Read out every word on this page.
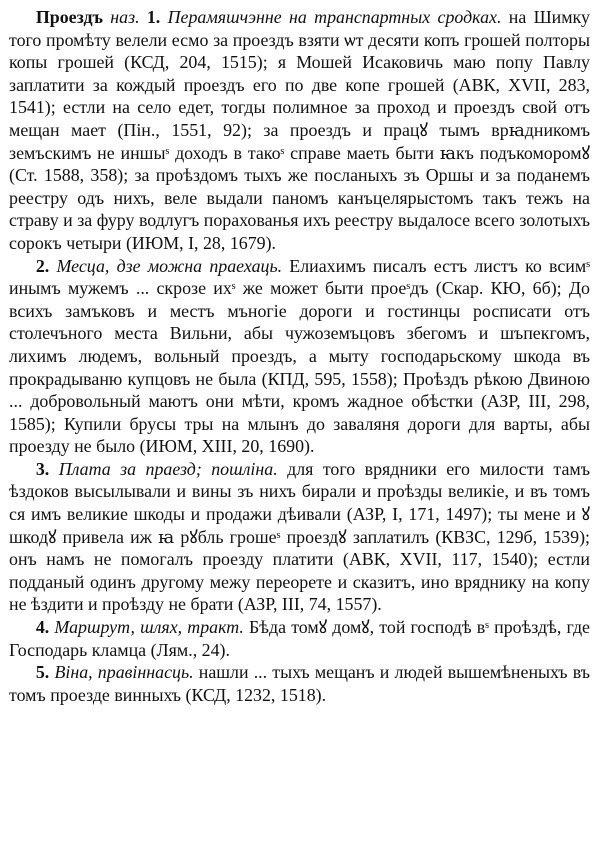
Проездъ наз. 1. Перамяшчэнне на транспартных сродках. на Шимку того промѣту велели есмо за проездъ взяти ѡт десяти копъ грошей полторы копы грошей (КСД, 204, 1515); я Мошей Исаковичь маю попу Павлу заплатити за кождый проездъ его по две копе грошей (АВК, XVII, 283, 1541); естли на село едет, тогды полимное за проход и проездъ свой отъ мещан мает (Пін., 1551, 92); за проездъ и працꙋ тымъ врꙗдникомъ земъскимъ не иншыˢ доходъ в такоˢ справе маеть быти ꙗкъ подъкоморомꙋ (Ст. 1588, 358); за проѣздомъ тыхъ же посланыхъ зъ Оршы и за поданемъ реестру одъ нихъ, веле выдали паномъ канъцелярыстомъ такъ тежъ на страву и за фуру водлугъ порахованья ихъ реестру выдалосе всего золотыхъ сорокъ четыри (ИЮМ, I, 28, 1679).

2. Месца, дзе можна праехаць. Елиахимъ писалъ естъ листъ ко всимˢ инымъ мужемъ ... скрозе ихˢ же может быти проеˢдъ (Скар. КЮ, 6б); До всихъ замъковъ и местъ мъногіе дороги и гостинцы росписати отъ столечъного места Вильни, абы чужоземъцовъ збегомъ и шъпекгомъ, лихимъ людемъ, вольный проездъ, а мыту господарьскому шкода въ прокрадываню купцовъ не была (КПД, 595, 1558); Проѣздъ рѣкою Двиною ... добровольный маютъ они мѣти, кромъ жадное обѣстки (АЗР, III, 298, 1585); Купили брусы тры на млынъ до заваляня дороги для варты, абы проезду не было (ИЮМ, XIII, 20, 1690).

3. Плата за праезд; пошліна. для того врядники его милости тамъ ѣздоков высылывали и вины зъ нихъ бирали и проѣзды великіе, и въ томъ ся имъ великие шкоды и продажи дѣивали (АЗР, I, 171, 1497); ты мене и ꙋ шкодꙋ привела иж ꙗ рꙋбль грошеˢ проездꙋ заплатилъ (КВЗС, 129б, 1539); онъ намъ не помогалъ проезду платити (АВК, XVII, 117, 1540); естли подданый одинъ другому межу переорете и сказитъ, ино вряднику на копу не ѣздити и проѣзду не брати (АЗР, III, 74, 1557).

4. Маршрут, шлях, тракт. Бѣда томꙋ домꙋ, той господѣ вˢ проѣздѣ, где Господарь кламца (Лям., 24).

5. Віна, правіннасць. нашли ... тыхъ мещанъ и людей вышемѣненыхъ въ томъ проезде винныхъ (КСД, 1232, 1518).
